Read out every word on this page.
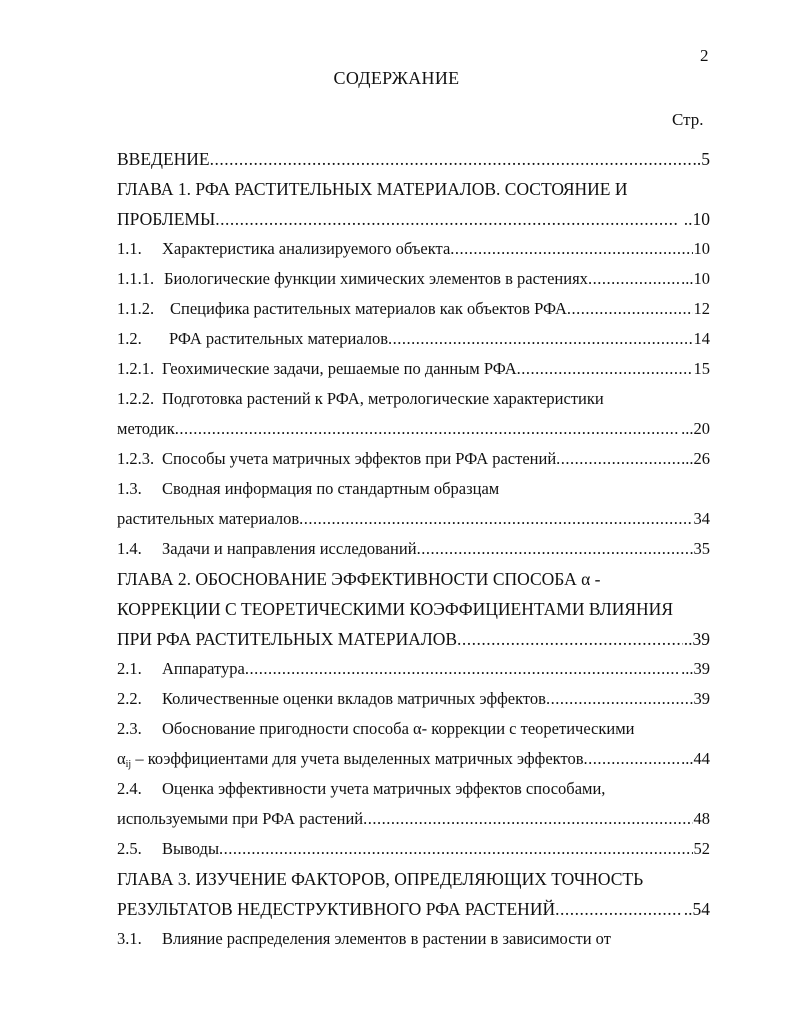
2
СОДЕРЖАНИЕ
Стр.
ВВЕДЕНИЕ .....	..5
ГЛАВА 1. РФА РАСТИТЕЛЬНЫХ МАТЕРИАЛОВ. СОСТОЯНИЕ И
ПРОБЛЕМЫ .....	..10
1.1. Характеристика анализируемого объекта .....	10
1.1.1. Биологические функции химических элементов в растениях .....	...10
1.1.2. Специфика растительных материалов как объектов РФА .....	12
1.2. РФА растительных материалов .....	14
1.2.1. Геохимические задачи, решаемые по данным РФА .....	15
1.2.2. Подготовка растений к РФА, метрологические характеристики
методик .....	...20
1.2.3. Способы учета матричных эффектов при РФА растений .....	...26
1.3. Сводная информация по стандартным образцам
растительных материалов .....	34
1.4. Задачи и направления исследований .....	35
ГЛАВА 2. ОБОСНОВАНИЕ ЭФФЕКТИВНОСТИ СПОСОБА α -
КОРРЕКЦИИ С ТЕОРЕТИЧЕСКИМИ КОЭФФИЦИЕНТАМИ ВЛИЯНИЯ
ПРИ РФА РАСТИТЕЛЬНЫХ МАТЕРИАЛОВ .....	..39
2.1. Аппаратура .....	...39
2.2. Количественные оценки вкладов матричных эффектов .....	39
2.3. Обоснование пригодности способа α- коррекции с теоретическими
$\alpha_{ij}$ – коэффициентами для учета выделенных матричных эффектов .....	...44
2.4. Оценка эффективности учета матричных эффектов способами,
используемыми при РФА растений .....	48
2.5. Выводы .....	52
ГЛАВА 3. ИЗУЧЕНИЕ ФАКТОРОВ, ОПРЕДЕЛЯЮЩИХ ТОЧНОСТЬ
РЕЗУЛЬТАТОВ НЕДЕСТРУКТИВНОГО РФА РАСТЕНИЙ .....	..54
3.1. Влияние распределения элементов в растении в зависимости от
